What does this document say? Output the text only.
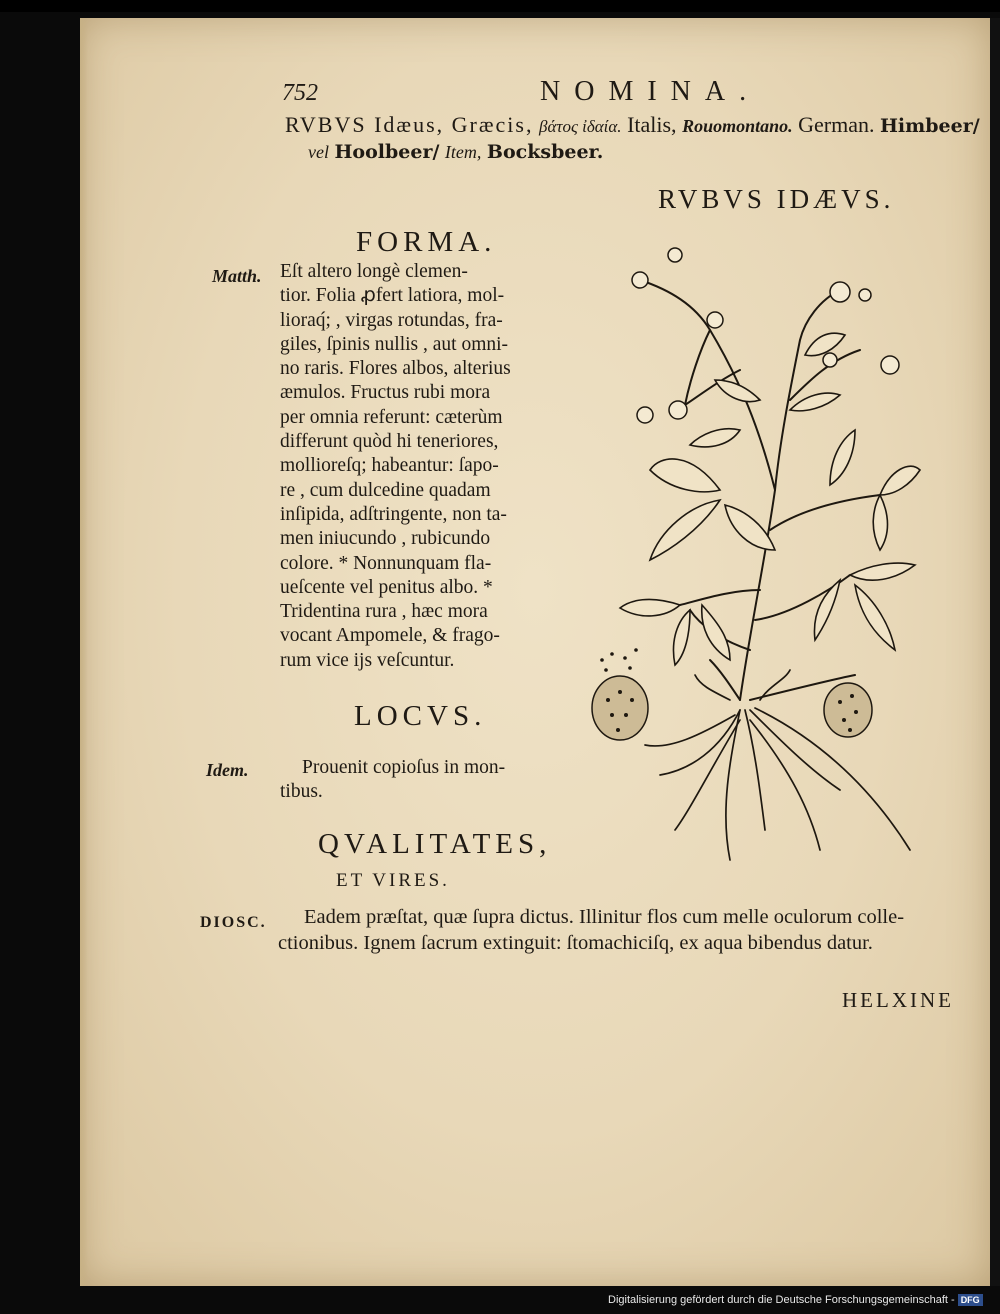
752	NOMINA.
RVBVS Idæus, Græcis, βάτος ἰδαία. Italis, Rouomontano. German. Himbeer/
vel Hoolbeer/ Item, Bocksbeer.
RVBVS IDÆVS.
FORMA.
Matth. Eſt altero longè clemen-
tior. Folia ꝓfert latiora, mol-
lioraq́; , virgas rotundas, fra-
giles, ſpinis nullis , aut omni-
no raris. Flores albos, alterius
æmulos. Fructus rubi mora
per omnia referunt: cæterùm
differunt quòd hi teneriores,
mollioreſq; habeantur: ſapo-
re , cum dulcedine quadam
inſipida, adſtringente, non ta-
men iniucundo , rubicundo
colore. * Nonnunquam fla-
ueſcente vel penitus albo. *
Tridentina rura , hæc mora
vocant Ampomele, & frago-
rum vice ijs veſcuntur.
LOCVS.
Idem.	Prouenit copioſus in mon-
tibus.
QVALITATES,
ET VIRES.
DIOSC.	Eadem præſtat, quæ ſupra dictus. Illinitur flos cum melle oculorum colle-
ctionibus. Ignem ſacrum extinguit: ſtomachiciſq, ex aqua bibendus datur.
HELXINE
Digitalisierung gefördert durch die Deutsche Forschungsgemeinschaft - DFG
